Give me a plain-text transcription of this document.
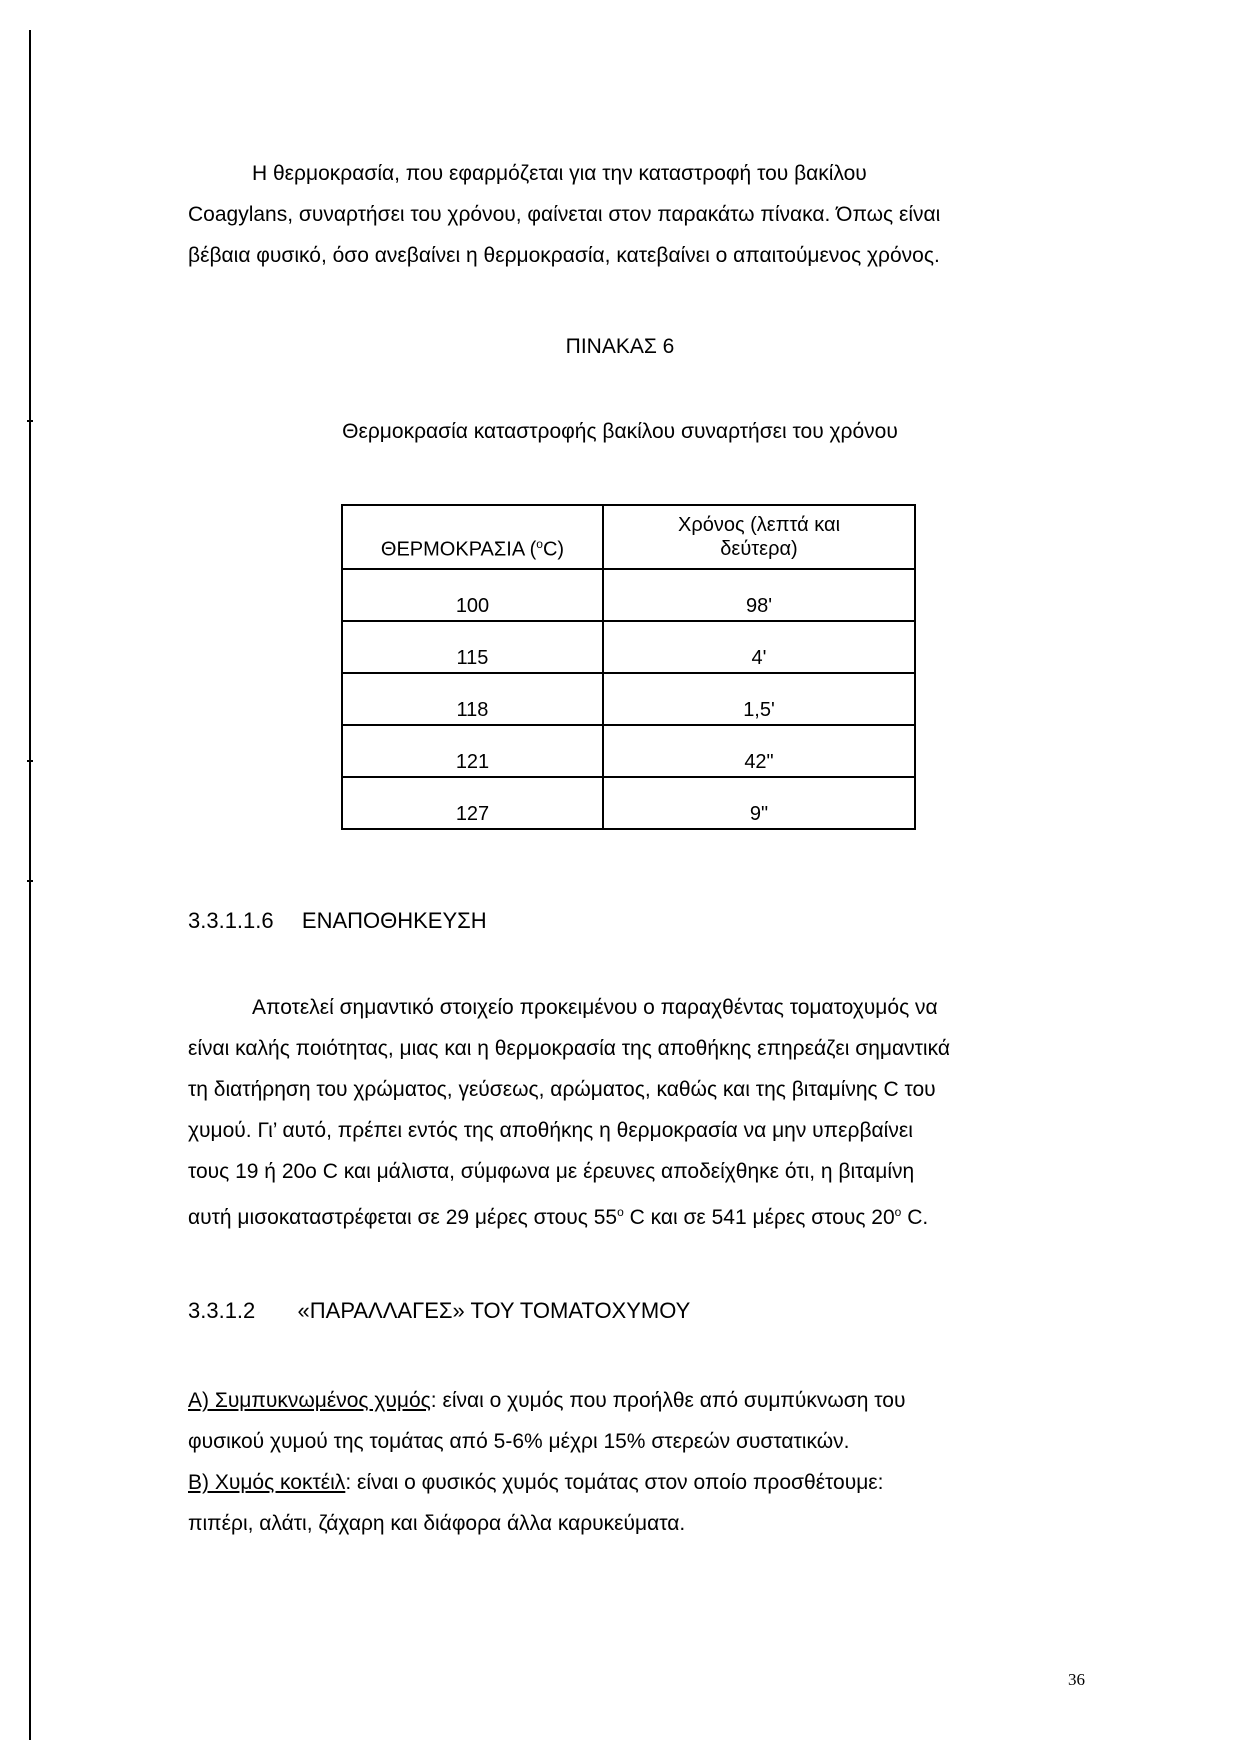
Η θερμοκρασία, που εφαρμόζεται για την καταστροφή του βακίλου
Coagylans, συναρτήσει του χρόνου, φαίνεται στον παρακάτω πίνακα. Όπως είναι
βέβαια φυσικό, όσο ανεβαίνει η θερμοκρασία, κατεβαίνει ο απαιτούμενος χρόνος.

ΠΙΝΑΚΑΣ 6

Θερμοκρασία καταστροφής βακίλου συναρτήσει του χρόνου

ΘΕΡΜΟΚΡΑΣΙΑ ($^o$C)	Χρόνος (λεπτά και
δεύτερα)
100	98'
115	4'
118	1,5'
121	42"
127	9"

3.3.1.1.6 ΕΝΑΠΟΘΗΚΕΥΣΗ

Αποτελεί σημαντικό στοιχείο προκειμένου ο παραχθέντας τοματοχυμός να
είναι καλής ποιότητας, μιας και η θερμοκρασία της αποθήκης επηρεάζει σημαντικά
τη διατήρηση του χρώματος, γεύσεως, αρώματος, καθώς και της βιταμίνης C του
χυμού. Γι’ αυτό, πρέπει εντός της αποθήκης η θερμοκρασία να μην υπερβαίνει
τους 19 ή 20ο C και μάλιστα, σύμφωνα με έρευνες αποδείχθηκε ότι, η βιταμίνη
αυτή μισοκαταστρέφεται σε 29 μέρες στους 55$^o$ C και σε 541 μέρες στους 20$^o$ C.

3.3.1.2 «ΠΑΡΑΛΛΑΓΕΣ» ΤΟΥ ΤΟΜΑΤΟΧΥΜΟΥ

Α) Συμπυκνωμένος χυμός: είναι ο χυμός που προήλθε από συμπύκνωση του
φυσικού χυμού της τομάτας από 5-6% μέχρι 15% στερεών συστατικών.
Β) Χυμός κοκτέιλ: είναι ο φυσικός χυμός τομάτας στον οποίο προσθέτουμε:
πιπέρι, αλάτι, ζάχαρη και διάφορα άλλα καρυκεύματα.

36
